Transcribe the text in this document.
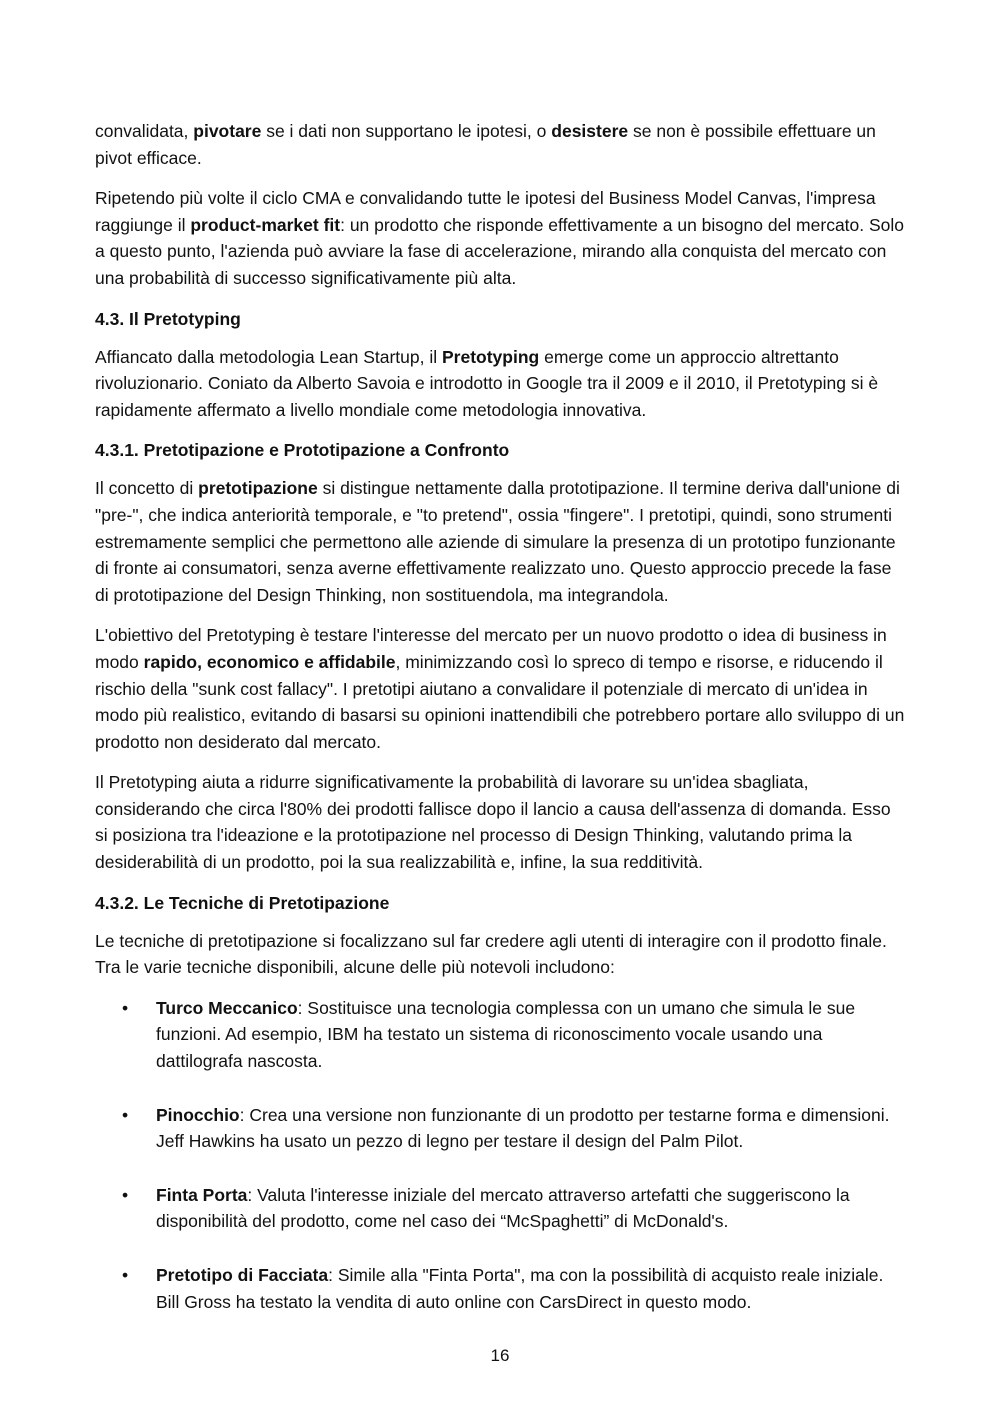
convalidata, pivotare se i dati non supportano le ipotesi, o desistere se non è possibile effettuare un pivot efficace.

Ripetendo più volte il ciclo CMA e convalidando tutte le ipotesi del Business Model Canvas, l'impresa raggiunge il product-market fit: un prodotto che risponde effettivamente a un bisogno del mercato. Solo a questo punto, l'azienda può avviare la fase di accelerazione, mirando alla conquista del mercato con una probabilità di successo significativamente più alta.

4.3. Il Pretotyping

Affiancato dalla metodologia Lean Startup, il Pretotyping emerge come un approccio altrettanto rivoluzionario. Coniato da Alberto Savoia e introdotto in Google tra il 2009 e il 2010, il Pretotyping si è rapidamente affermato a livello mondiale come metodologia innovativa.

4.3.1. Pretotipazione e Prototipazione a Confronto

Il concetto di pretotipazione si distingue nettamente dalla prototipazione. Il termine deriva dall'unione di "pre-", che indica anteriorità temporale, e "to pretend", ossia "fingere". I pretotipi, quindi, sono strumenti estremamente semplici che permettono alle aziende di simulare la presenza di un prototipo funzionante di fronte ai consumatori, senza averne effettivamente realizzato uno. Questo approccio precede la fase di prototipazione del Design Thinking, non sostituendola, ma integrandola.

L'obiettivo del Pretotyping è testare l'interesse del mercato per un nuovo prodotto o idea di business in modo rapido, economico e affidabile, minimizzando così lo spreco di tempo e risorse, e riducendo il rischio della "sunk cost fallacy". I pretotipi aiutano a convalidare il potenziale di mercato di un'idea in modo più realistico, evitando di basarsi su opinioni inattendibili che potrebbero portare allo sviluppo di un prodotto non desiderato dal mercato.

Il Pretotyping aiuta a ridurre significativamente la probabilità di lavorare su un'idea sbagliata, considerando che circa l'80% dei prodotti fallisce dopo il lancio a causa dell'assenza di domanda. Esso si posiziona tra l'ideazione e la prototipazione nel processo di Design Thinking, valutando prima la desiderabilità di un prodotto, poi la sua realizzabilità e, infine, la sua redditività.

4.3.2. Le Tecniche di Pretotipazione

Le tecniche di pretotipazione si focalizzano sul far credere agli utenti di interagire con il prodotto finale. Tra le varie tecniche disponibili, alcune delle più notevoli includono:

• Turco Meccanico: Sostituisce una tecnologia complessa con un umano che simula le sue funzioni. Ad esempio, IBM ha testato un sistema di riconoscimento vocale usando una dattilografa nascosta.
• Pinocchio: Crea una versione non funzionante di un prodotto per testarne forma e dimensioni. Jeff Hawkins ha usato un pezzo di legno per testare il design del Palm Pilot.
• Finta Porta: Valuta l'interesse iniziale del mercato attraverso artefatti che suggeriscono la disponibilità del prodotto, come nel caso dei “McSpaghetti” di McDonald's.
• Pretotipo di Facciata: Simile alla "Finta Porta", ma con la possibilità di acquisto reale iniziale. Bill Gross ha testato la vendita di auto online con CarsDirect in questo modo.
16
